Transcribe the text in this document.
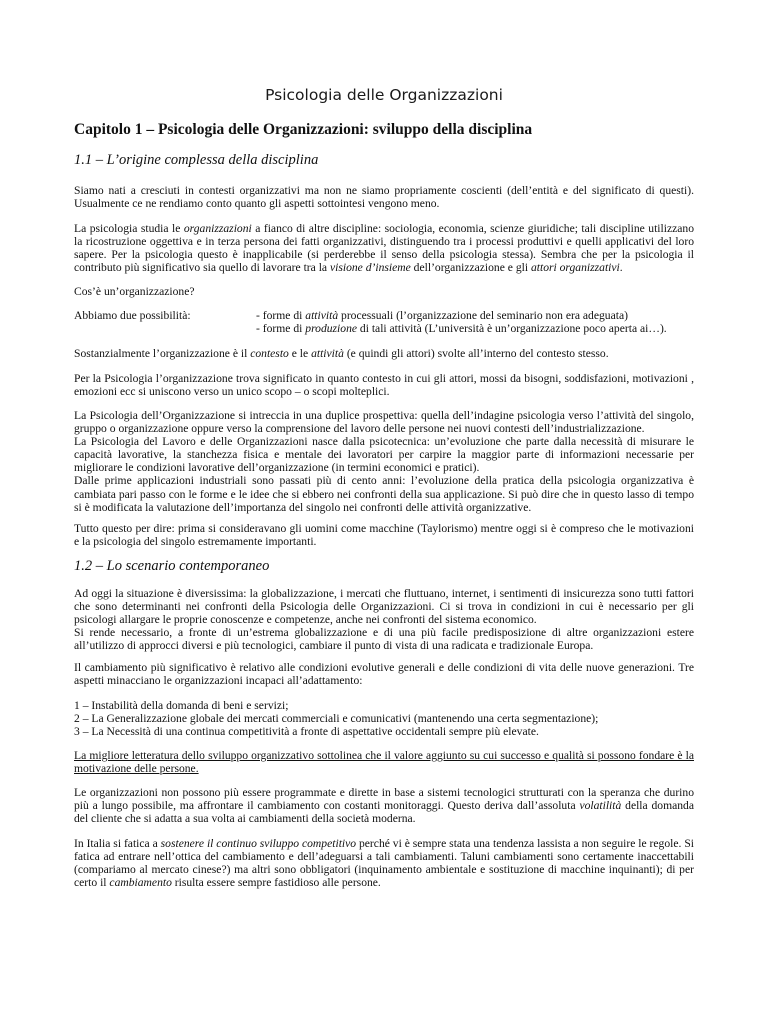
Psicologia delle Organizzazioni
Capitolo 1 – Psicologia delle Organizzazioni: sviluppo della disciplina
1.1 – L’origine complessa della disciplina
Siamo nati a cresciuti in contesti organizzativi ma non ne siamo propriamente coscienti (dell’entità e del significato di questi). Usualmente ce ne rendiamo conto quanto gli aspetti sottointesi vengono meno.
La psicologia studia le organizzazioni a fianco di altre discipline: sociologia, economia, scienze giuridiche; tali discipline utilizzano la ricostruzione oggettiva e in terza persona dei fatti organizzativi, distinguendo tra i processi produttivi e quelli applicativi del loro sapere. Per la psicologia questo è inapplicabile (si perderebbe il senso della psicologia stessa). Sembra che per la psicologia il contributo più significativo sia quello di lavorare tra la visione d’insieme dell’organizzazione e gli attori organizzativi.
Cos’è un’organizzazione?
Abbiamo due possibilità:	- forme di attività processuali (l’organizzazione del seminario non era adeguata)
- forme di produzione di tali attività (L’università è un’organizzazione poco aperta ai…).
Sostanzialmente l’organizzazione è il contesto e le attività (e quindi gli attori) svolte all’interno del contesto stesso.
Per la Psicologia l’organizzazione trova significato in quanto contesto in cui gli attori, mossi da bisogni, soddisfazioni, motivazioni , emozioni ecc si uniscono verso un unico scopo – o scopi molteplici.
La Psicologia dell’Organizzazione si intreccia in una duplice prospettiva: quella dell’indagine psicologia verso l’attività del singolo, gruppo o organizzazione oppure verso la comprensione del lavoro delle persone nei nuovi contesti dell’industrializzazione.
La Psicologia del Lavoro e delle Organizzazioni nasce dalla psicotecnica: un’evoluzione che parte dalla necessità di misurare le capacità lavorative, la stanchezza fisica e mentale dei lavoratori per carpire la maggior parte di informazioni necessarie per migliorare le condizioni lavorative dell’organizzazione (in termini economici e pratici).
Dalle prime applicazioni industriali sono passati più di cento anni: l’evoluzione della pratica della psicologia organizzativa è cambiata pari passo con le forme e le idee che si ebbero nei confronti della sua applicazione. Si può dire che in questo lasso di tempo si è modificata la valutazione dell’importanza del singolo nei confronti delle attività organizzative.
Tutto questo per dire: prima si consideravano gli uomini come macchine (Taylorismo) mentre oggi si è compreso che le motivazioni e la psicologia del singolo estremamente importanti.
1.2 – Lo scenario contemporaneo
Ad oggi la situazione è diversissima: la globalizzazione, i mercati che fluttuano, internet, i sentimenti di insicurezza sono tutti fattori che sono determinanti nei confronti della Psicologia delle Organizzazioni. Ci si trova in condizioni in cui è necessario per gli psicologi allargare le proprie conoscenze e competenze, anche nei confronti del sistema economico.
Si rende necessario, a fronte di un’estrema globalizzazione e di una più facile predisposizione di altre organizzazioni estere all’utilizzo di approcci diversi e più tecnologici, cambiare il punto di vista di una radicata e tradizionale Europa.
Il cambiamento più significativo è relativo alle condizioni evolutive generali e delle condizioni di vita delle nuove generazioni. Tre aspetti minacciano le organizzazioni incapaci all’adattamento:
1 – Instabilità della domanda di beni e servizi;
2 – La Generalizzazione globale dei mercati commerciali e comunicativi (mantenendo una certa segmentazione);
3 – La Necessità di una continua competitività a fronte di aspettative occidentali sempre più elevate.
La migliore letteratura dello sviluppo organizzativo sottolinea che il valore aggiunto su cui successo e qualità si possono fondare è la motivazione delle persone.
Le organizzazioni non possono più essere programmate e dirette in base a sistemi tecnologici strutturati con la speranza che durino più a lungo possibile, ma affrontare il cambiamento con costanti monitoraggi. Questo deriva dall’assoluta volatilità della domanda del cliente che si adatta a sua volta ai cambiamenti della società moderna.
In Italia si fatica a sostenere il continuo sviluppo competitivo perché vi è sempre stata una tendenza lassista a non seguire le regole. Si fatica ad entrare nell’ottica del cambiamento e dell’adeguarsi a tali cambiamenti. Taluni cambiamenti sono certamente inaccettabili (compariamo al mercato cinese?) ma altri sono obbligatori (inquinamento ambientale e sostituzione di macchine inquinanti); di per certo il cambiamento risulta essere sempre fastidioso alle persone.
